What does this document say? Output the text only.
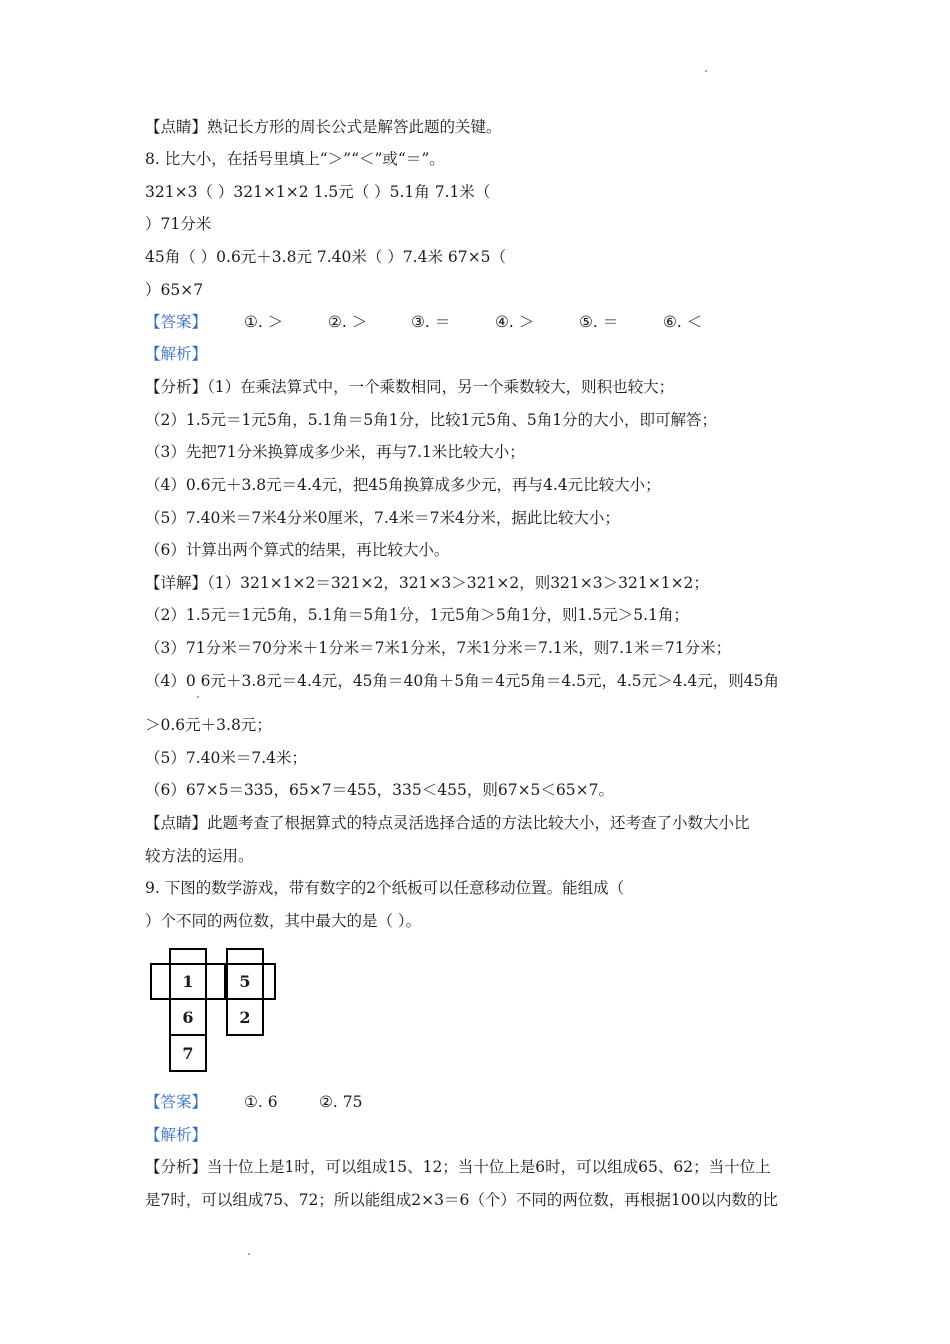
【点睛】熟记长方形的周长公式是解答此题的关键。
8. 比大小，在括号里填上“＞”“＜”或“＝”。
321×3（ ）321×1×2 1.5元（ ）5.1角 7.1米（
）71分米
45角（ ）0.6元＋3.8元 7.40米（ ）7.4米 67×5（
）65×7
【答案】 ①. ＞	②. ＞	③. ＝	④. ＞	⑤. ＝	⑥. ＜
【解析】
【分析】（1）在乘法算式中，一个乘数相同，另一个乘数较大，则积也较大；
（2）1.5元＝1元5角，5.1角＝5角1分，比较1元5角、5角1分的大小，即可解答；
（3）先把71分米换算成多少米，再与7.1米比较大小；
（4）0.6元＋3.8元＝4.4元，把45角换算成多少元，再与4.4元比较大小；
（5）7.40米＝7米4分米0厘米，7.4米＝7米4分米，据此比较大小；
（6）计算出两个算式的结果，再比较大小。
【详解】（1）321×1×2＝321×2，321×3＞321×2，则321×3＞321×1×2；
（2）1.5元＝1元5角，5.1角＝5角1分，1元5角＞5角1分，则1.5元＞5.1角；
（3）71分米＝70分米＋1分米＝7米1分米，7米1分米＝7.1米，则7.1米＝71分米；
（4）0 6元＋3.8元＝4.4元，45角＝40角＋5角＝4元5角＝4.5元，4.5元＞4.4元，则45角
＞0.6元＋3.8元；
（5）7.40米＝7.4米；
（6）67×5＝335，65×7＝455，335＜455，则67×5＜65×7。
【点睛】此题考查了根据算式的特点灵活选择合适的方法比较大小，还考查了小数大小比
较方法的运用。
9. 下图的数学游戏，带有数字的2个纸板可以任意移动位置。能组成（
）个不同的两位数，其中最大的是（ ）。
1
6
7
5
2
【答案】 ①. 6	②. 75
【解析】
【分析】当十位上是1时，可以组成15、12；当十位上是6时，可以组成65、62；当十位上
是7时，可以组成75、72；所以能组成2×3＝6（个）不同的两位数，再根据100以内数的比
